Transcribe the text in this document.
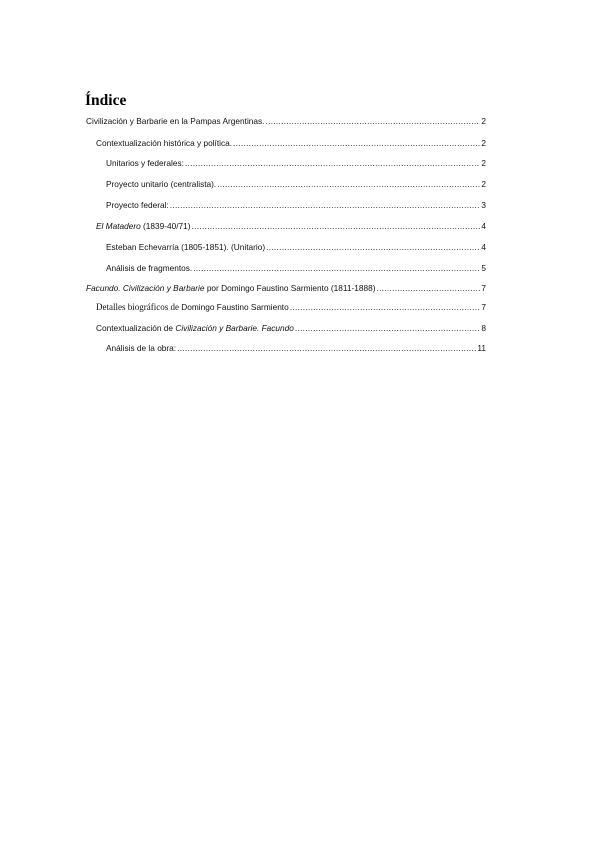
Índice
Civilización y Barbarie en la Pampas Argentinas. .....	2
Contextualización histórica y política. .....	2
Unitarios y federales: .....	2
Proyecto unitario (centralista). .....	2
Proyecto federal: .....	3
El Matadero (1839-40/71) .....	4
Esteban Echevarría (1805-1851). (Unitario) .....	4
Análisis de fragmentos. .....	5
Facundo. Civilización y Barbarie por Domingo Faustino Sarmiento (1811-1888) .....	7
Detalles biográficos de Domingo Faustino Sarmiento .....	7
Contextualización de Civilización y Barbarie. Facundo .....	8
Análisis de la obra: .....	11
